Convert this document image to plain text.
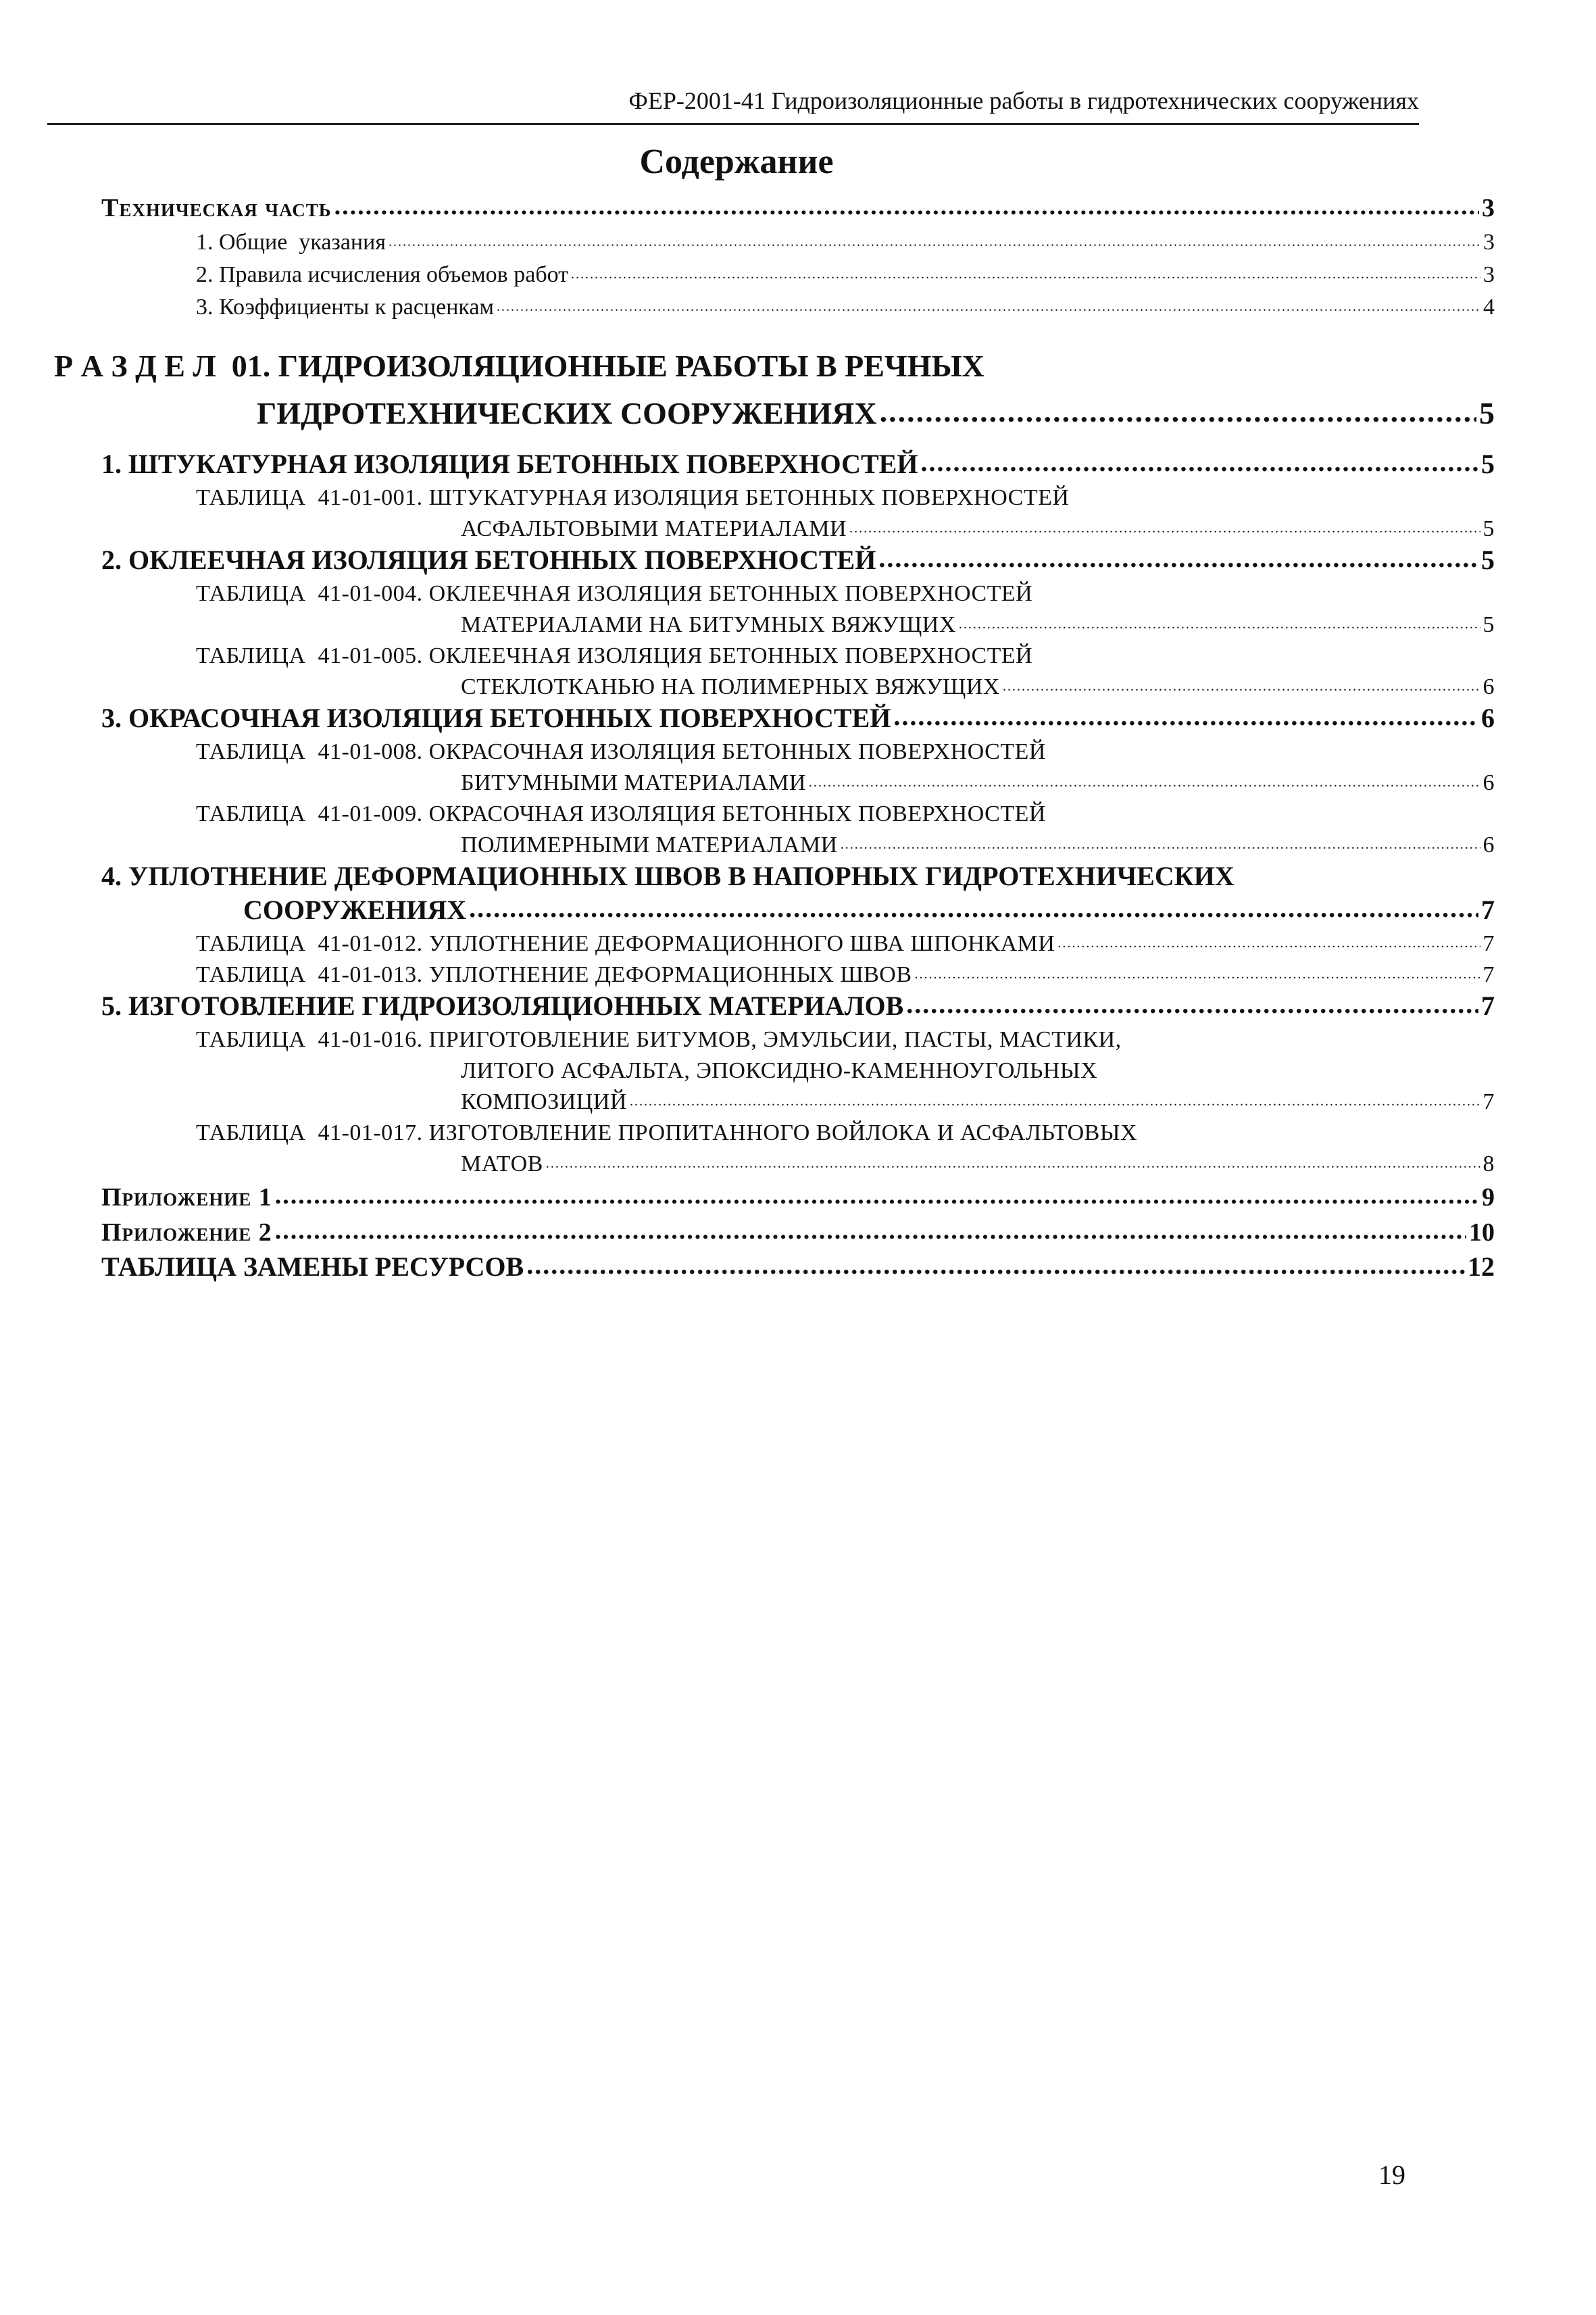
ФЕР-2001-41 Гидроизоляционные работы в гидротехнических сооружениях
Содержание
Техническая часть .....	3
1. Общие  указания .....	3
2. Правила исчисления объемов работ .....	3
3. Коэффициенты к расценкам .....	4
Р А З Д Е Л  01. ГИДРОИЗОЛЯЦИОННЫЕ РАБОТЫ В РЕЧНЫХ
ГИДРОТЕХНИЧЕСКИХ СООРУЖЕНИЯХ .....	5
1. ШТУКАТУРНАЯ ИЗОЛЯЦИЯ БЕТОННЫХ ПОВЕРХНОСТЕЙ .....	5
ТАБЛИЦА  41-01-001. ШТУКАТУРНАЯ ИЗОЛЯЦИЯ БЕТОННЫХ ПОВЕРХНОСТЕЙ
АСФАЛЬТОВЫМИ МАТЕРИАЛАМИ .....	5
2. ОКЛЕЕЧНАЯ ИЗОЛЯЦИЯ БЕТОННЫХ ПОВЕРХНОСТЕЙ .....	5
ТАБЛИЦА  41-01-004. ОКЛЕЕЧНАЯ ИЗОЛЯЦИЯ БЕТОННЫХ ПОВЕРХНОСТЕЙ
МАТЕРИАЛАМИ НА БИТУМНЫХ ВЯЖУЩИХ .....	5
ТАБЛИЦА  41-01-005. ОКЛЕЕЧНАЯ ИЗОЛЯЦИЯ БЕТОННЫХ ПОВЕРХНОСТЕЙ
СТЕКЛОТКАНЬЮ НА ПОЛИМЕРНЫХ ВЯЖУЩИХ .....	6
3. ОКРАСОЧНАЯ ИЗОЛЯЦИЯ БЕТОННЫХ ПОВЕРХНОСТЕЙ .....	6
ТАБЛИЦА  41-01-008. ОКРАСОЧНАЯ ИЗОЛЯЦИЯ БЕТОННЫХ ПОВЕРХНОСТЕЙ
БИТУМНЫМИ МАТЕРИАЛАМИ .....	6
ТАБЛИЦА  41-01-009. ОКРАСОЧНАЯ ИЗОЛЯЦИЯ БЕТОННЫХ ПОВЕРХНОСТЕЙ
ПОЛИМЕРНЫМИ МАТЕРИАЛАМИ .....	6
4. УПЛОТНЕНИЕ ДЕФОРМАЦИОННЫХ ШВОВ В НАПОРНЫХ ГИДРОТЕХНИЧЕСКИХ
СООРУЖЕНИЯХ .....	7
ТАБЛИЦА  41-01-012. УПЛОТНЕНИЕ ДЕФОРМАЦИОННОГО ШВА ШПОНКАМИ .....	7
ТАБЛИЦА  41-01-013. УПЛОТНЕНИЕ ДЕФОРМАЦИОННЫХ ШВОВ .....	7
5. ИЗГОТОВЛЕНИЕ ГИДРОИЗОЛЯЦИОННЫХ МАТЕРИАЛОВ .....	7
ТАБЛИЦА  41-01-016. ПРИГОТОВЛЕНИЕ БИТУМОВ, ЭМУЛЬСИИ, ПАСТЫ, МАСТИКИ,
ЛИТОГО АСФАЛЬТА, ЭПОКСИДНО-КАМЕННОУГОЛЬНЫХ
КОМПОЗИЦИЙ .....	7
ТАБЛИЦА  41-01-017. ИЗГОТОВЛЕНИЕ ПРОПИТАННОГО ВОЙЛОКА И АСФАЛЬТОВЫХ
МАТОВ .....	8
Приложение 1 .....	9
Приложение 2 .....	10
ТАБЛИЦА ЗАМЕНЫ РЕСУРСОВ .....	12
19
